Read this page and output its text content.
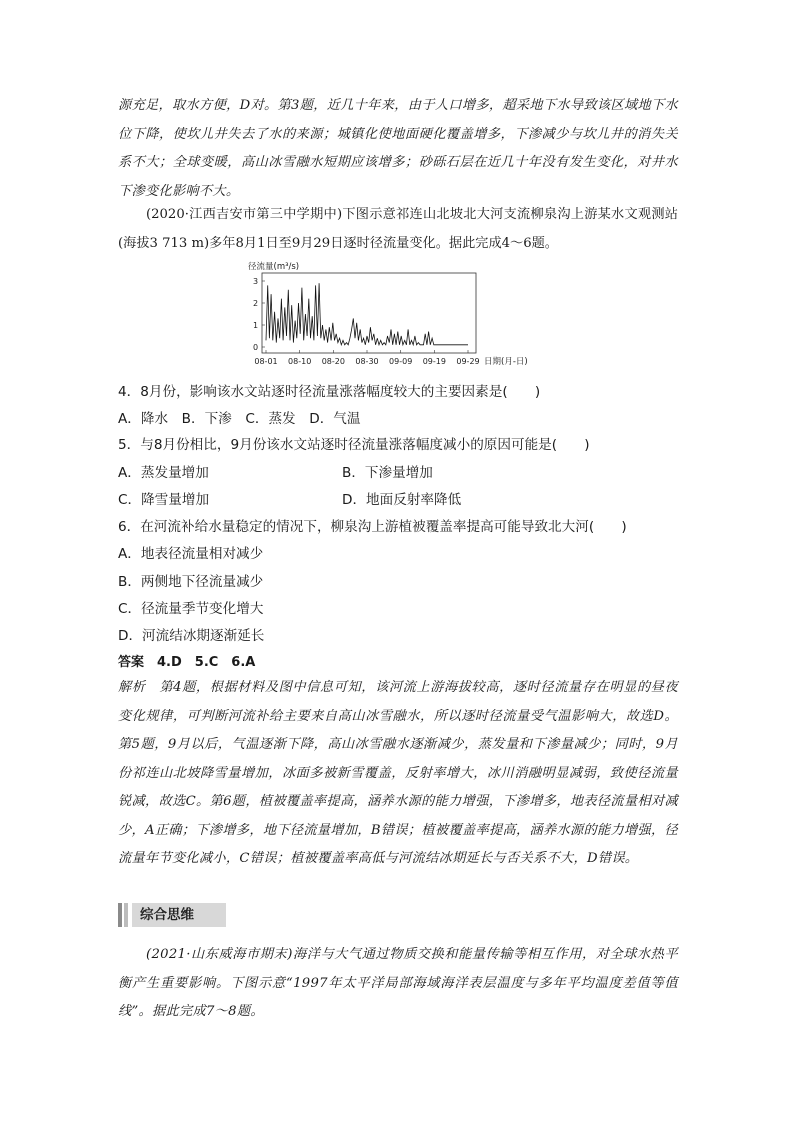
源充足，取水方便，D对。第3题，近几十年来，由于人口增多，超采地下水导致该区域地下水位下降，使坎儿井失去了水的来源；城镇化使地面硬化覆盖增多，下渗减少与坎儿井的消失关系不大；全球变暖，高山冰雪融水短期应该增多；砂砾石层在近几十年没有发生变化，对井水下渗变化影响不大。

(2020·江西吉安市第三中学期中)下图示意祁连山北坡北大河支流柳泉沟上游某水文观测站(海拔3 713 m)多年8月1日至9月29日逐时径流量变化。据此完成4～6题。

径流量(m³/s)
0
1
2
3
08-01 08-10 08-20 08-30 09-09 09-19 09-29 日期(月-日)
4．8月份，影响该水文站逐时径流量涨落幅度较大的主要因素是(　　)
A．降水　B．下渗　C．蒸发　D．气温
5．与8月份相比，9月份该水文站逐时径流量涨落幅度减小的原因可能是(　　)
A．蒸发量增加	B．下渗量增加
C．降雪量增加	D．地面反射率降低
6．在河流补给水量稳定的情况下，柳泉沟上游植被覆盖率提高可能导致北大河(　　)
A．地表径流量相对减少
B．两侧地下径流量减少
C．径流量季节变化增大
D．河流结冰期逐渐延长
答案　4.D　5.C　6.A

解析　第4题，根据材料及图中信息可知，该河流上游海拔较高，逐时径流量存在明显的昼夜变化规律，可判断河流补给主要来自高山冰雪融水，所以逐时径流量受气温影响大，故选D。第5题，9月以后，气温逐渐下降，高山冰雪融水逐渐减少，蒸发量和下渗量减少；同时，9月份祁连山北坡降雪量增加，冰面多被新雪覆盖，反射率增大，冰川消融明显减弱，致使径流量锐减，故选C。第6题，植被覆盖率提高，涵养水源的能力增强，下渗增多，地表径流量相对减少，A正确；下渗增多，地下径流量增加，B错误；植被覆盖率提高，涵养水源的能力增强，径流量年节变化减小，C错误；植被覆盖率高低与河流结冰期延长与否关系不大，D错误。

综合思维

(2021·山东威海市期末)海洋与大气通过物质交换和能量传输等相互作用，对全球水热平衡产生重要影响。下图示意“1997年太平洋局部海域海洋表层温度与多年平均温度差值等值线”。据此完成7～8题。
